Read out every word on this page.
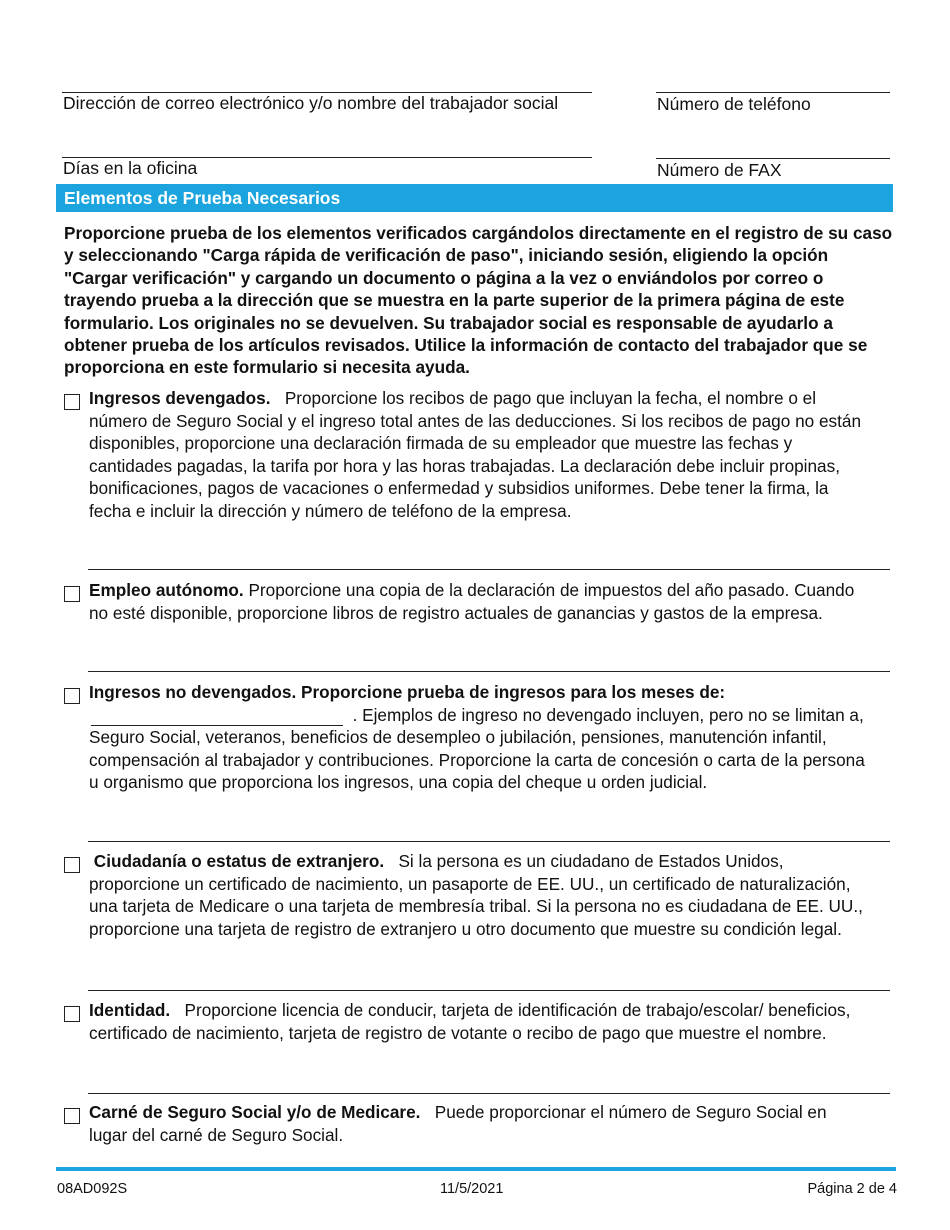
Dirección de correo electrónico y/o nombre del trabajador social	Número de teléfono
Días en la oficina	Número de FAX
Elementos de Prueba Necesarios
Proporcione prueba de los elementos verificados cargándolos directamente en el registro de su caso y seleccionando "Carga rápida de verificación de paso", iniciando sesión, eligiendo la opción "Cargar verificación" y cargando un documento o página a la vez o enviándolos por correo o trayendo prueba a la dirección que se muestra en la parte superior de la primera página de este formulario. Los originales no se devuelven. Su trabajador social es responsable de ayudarlo a obtener prueba de los artículos revisados. Utilice la información de contacto del trabajador que se proporciona en este formulario si necesita ayuda.
Ingresos devengados. Proporcione los recibos de pago que incluyan la fecha, el nombre o el número de Seguro Social y el ingreso total antes de las deducciones. Si los recibos de pago no están disponibles, proporcione una declaración firmada de su empleador que muestre las fechas y cantidades pagadas, la tarifa por hora y las horas trabajadas. La declaración debe incluir propinas, bonificaciones, pagos de vacaciones o enfermedad y subsidios uniformes. Debe tener la firma, la fecha e incluir la dirección y número de teléfono de la empresa.
Empleo autónomo. Proporcione una copia de la declaración de impuestos del año pasado. Cuando no esté disponible, proporcione libros de registro actuales de ganancias y gastos de la empresa.
Ingresos no devengados. Proporcione prueba de ingresos para los meses de:
. Ejemplos de ingreso no devengado incluyen, pero no se limitan a, Seguro Social, veteranos, beneficios de desempleo o jubilación, pensiones, manutención infantil, compensación al trabajador y contribuciones. Proporcione la carta de concesión o carta de la persona u organismo que proporciona los ingresos, una copia del cheque u orden judicial.
Ciudadanía o estatus de extranjero. Si la persona es un ciudadano de Estados Unidos, proporcione un certificado de nacimiento, un pasaporte de EE. UU., un certificado de naturalización, una tarjeta de Medicare o una tarjeta de membresía tribal. Si la persona no es ciudadana de EE. UU., proporcione una tarjeta de registro de extranjero u otro documento que muestre su condición legal.
Identidad. Proporcione licencia de conducir, tarjeta de identificación de trabajo/escolar/ beneficios, certificado de nacimiento, tarjeta de registro de votante o recibo de pago que muestre el nombre.
Carné de Seguro Social y/o de Medicare. Puede proporcionar el número de Seguro Social en lugar del carné de Seguro Social.
08AD092S	11/5/2021	Página 2 de 4
